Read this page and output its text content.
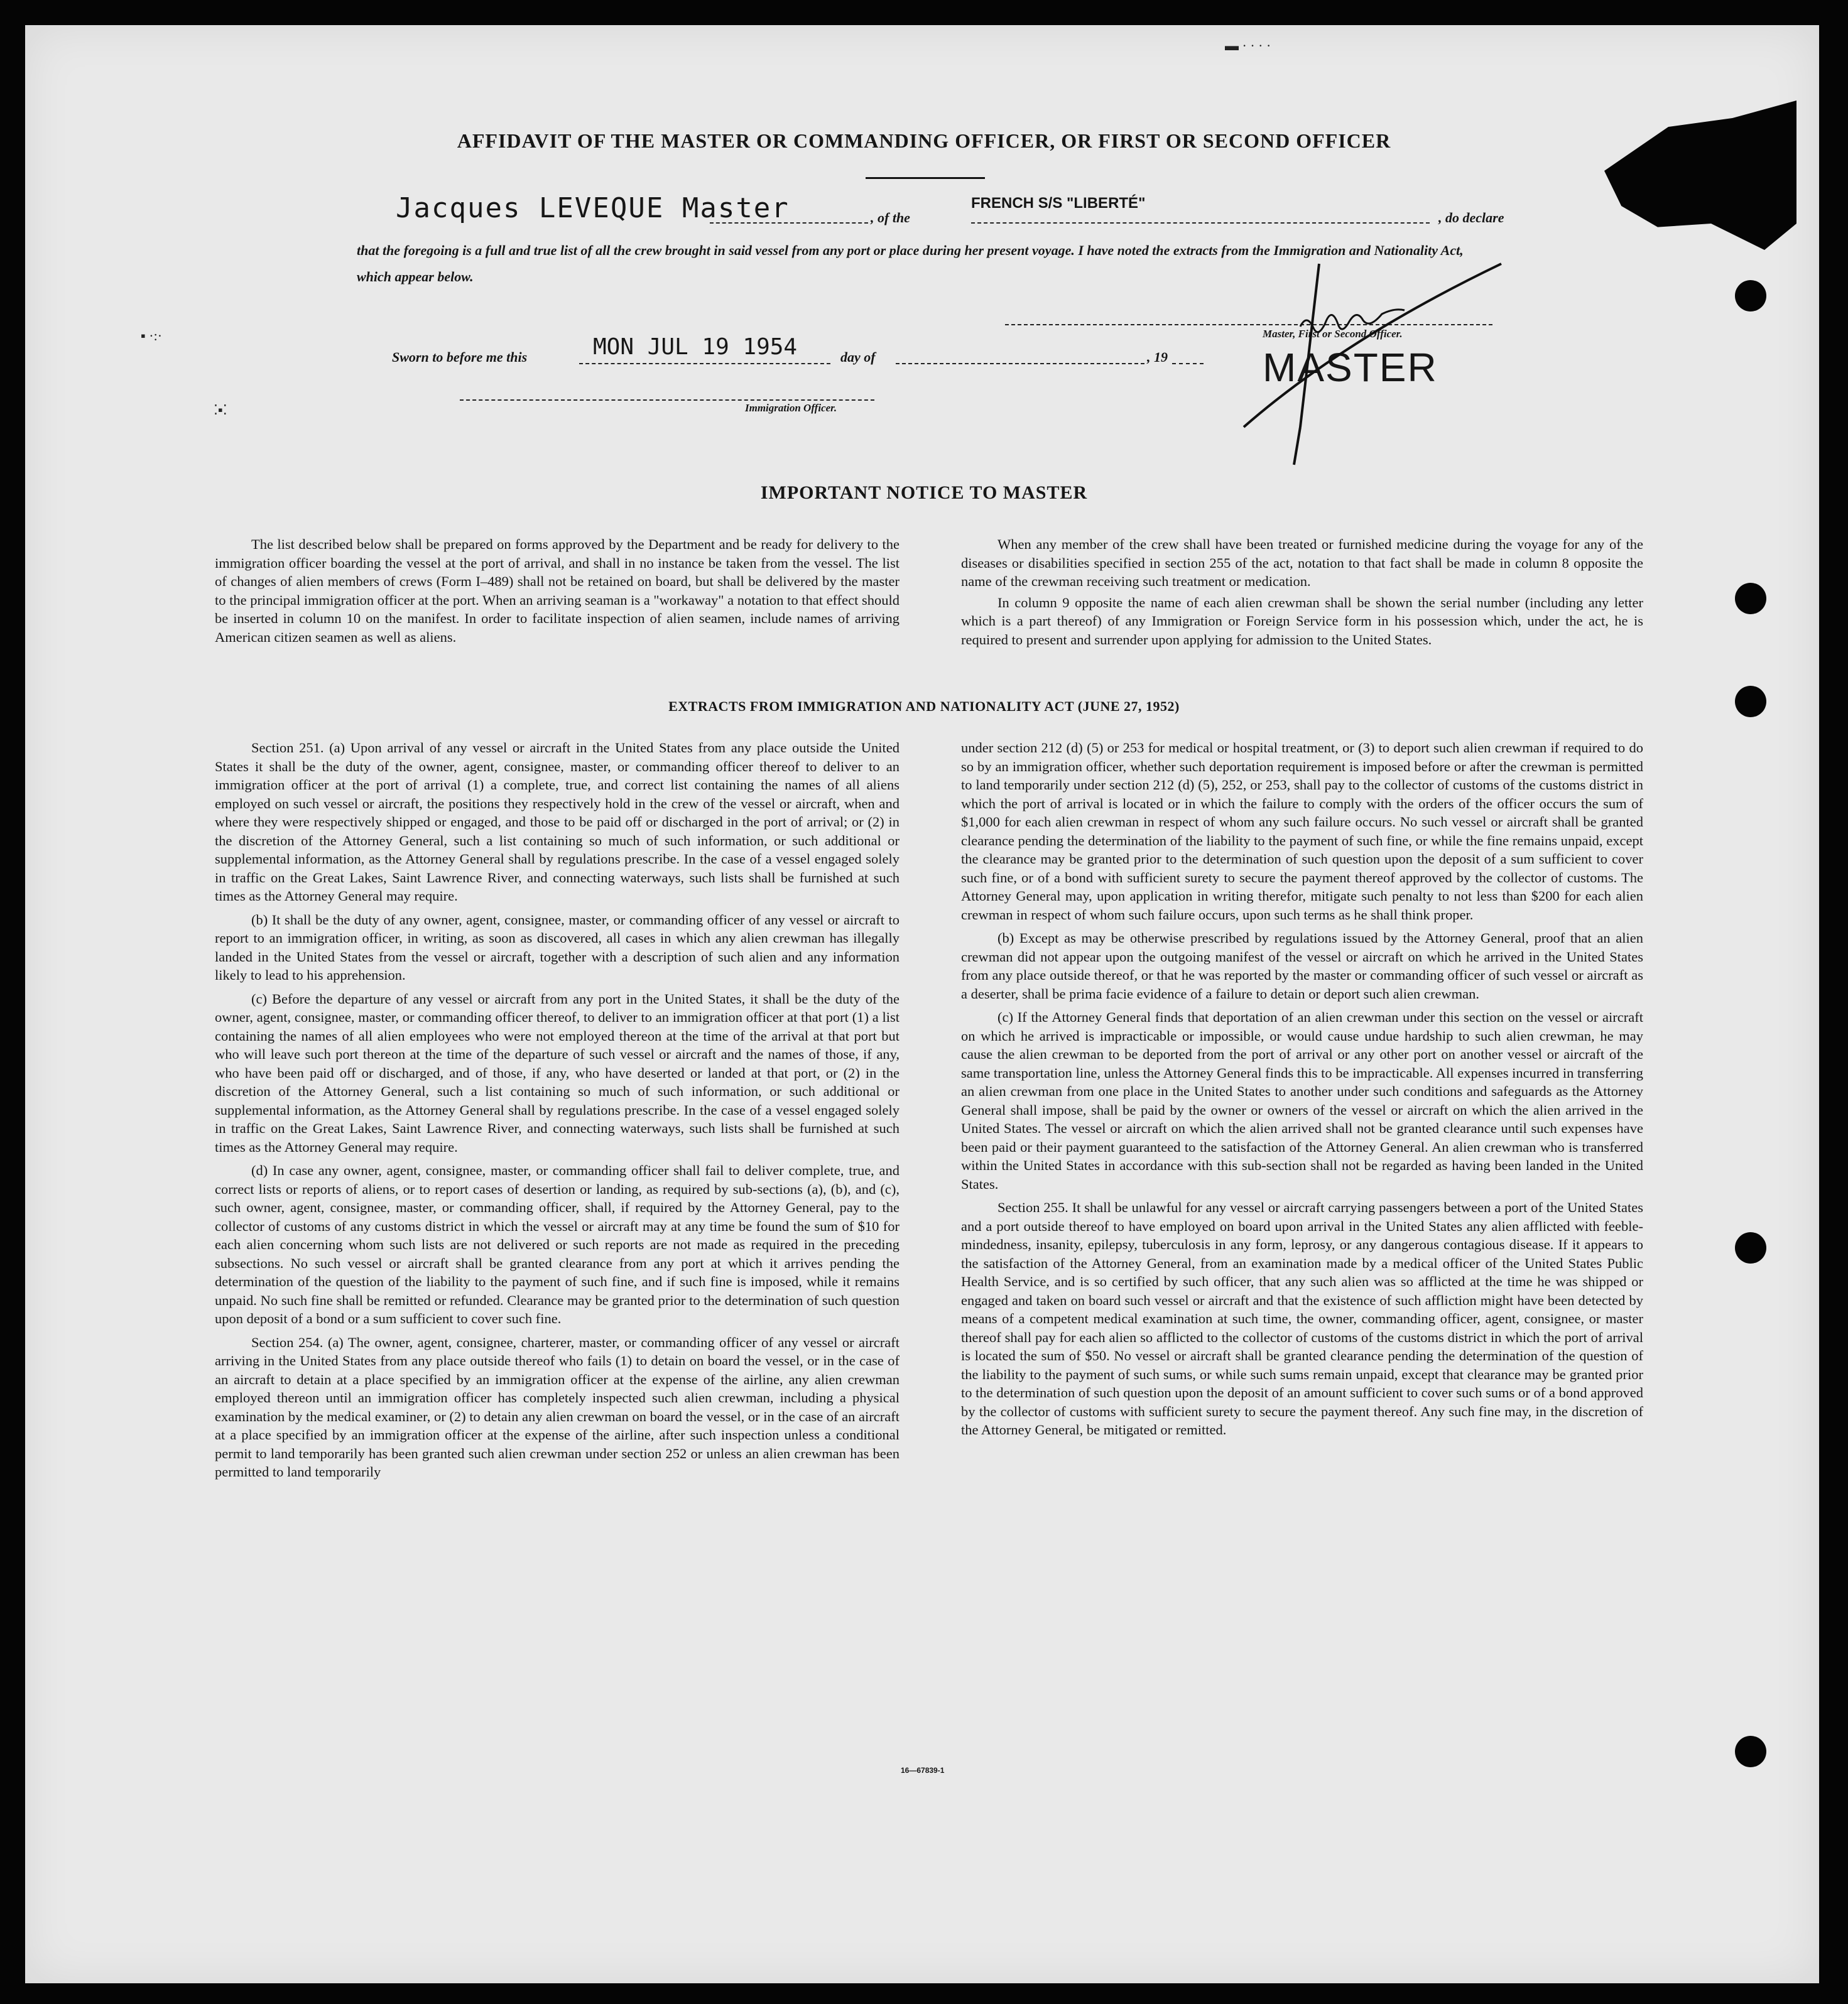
▪ ·:·
⁚▪⁚
▬ · · · ·
AFFIDAVIT OF THE MASTER OR COMMANDING OFFICER, OR FIRST OR SECOND OFFICER
Jacques LEVEQUE Master	, of the
FRENCH S/S "LIBERTÉ"
, do declare
that the foregoing is a full and true list of all the crew brought in said vessel from any port or place during her present voyage. I have noted the extracts from the Immigration and Nationality Act, which appear below.
Master, First or Second Officer.
Sworn to before me this	MON JUL 19 1954	day of	, 19 MASTER
Immigration Officer.
IMPORTANT NOTICE TO MASTER

The list described below shall be prepared on forms approved by the Department and be ready for delivery to the immigration officer boarding the vessel at the port of arrival, and shall in no instance be taken from the vessel. The list of changes of alien members of crews (Form I–489) shall not be retained on board, but shall be delivered by the master to the principal immigration officer at the port. When an arriving seaman is a "workaway" a notation to that effect should be inserted in column 10 on the manifest. In order to facilitate inspection of alien seamen, include names of arriving American citizen seamen as well as aliens.

When any member of the crew shall have been treated or furnished medicine during the voyage for any of the diseases or disabilities specified in section 255 of the act, notation to that fact shall be made in column 8 opposite the name of the crewman receiving such treatment or medication.

In column 9 opposite the name of each alien crewman shall be shown the serial number (including any letter which is a part thereof) of any Immigration or Foreign Service form in his possession which, under the act, he is required to present and surrender upon applying for admission to the United States.

EXTRACTS FROM IMMIGRATION AND NATIONALITY ACT (JUNE 27, 1952)

Section 251. (a) Upon arrival of any vessel or aircraft in the United States from any place outside the United States it shall be the duty of the owner, agent, consignee, master, or commanding officer thereof to deliver to an immigration officer at the port of arrival (1) a complete, true, and correct list containing the names of all aliens employed on such vessel or aircraft, the positions they respectively hold in the crew of the vessel or aircraft, when and where they were respectively shipped or engaged, and those to be paid off or discharged in the port of arrival; or (2) in the discretion of the Attorney General, such a list containing so much of such information, or such additional or supplemental information, as the Attorney General shall by regulations prescribe. In the case of a vessel engaged solely in traffic on the Great Lakes, Saint Lawrence River, and connecting waterways, such lists shall be furnished at such times as the Attorney General may require.

(b) It shall be the duty of any owner, agent, consignee, master, or commanding officer of any vessel or aircraft to report to an immigration officer, in writing, as soon as discovered, all cases in which any alien crewman has illegally landed in the United States from the vessel or aircraft, together with a description of such alien and any information likely to lead to his apprehension.

(c) Before the departure of any vessel or aircraft from any port in the United States, it shall be the duty of the owner, agent, consignee, master, or commanding officer thereof, to deliver to an immigration officer at that port (1) a list containing the names of all alien employees who were not employed thereon at the time of the arrival at that port but who will leave such port thereon at the time of the departure of such vessel or aircraft and the names of those, if any, who have been paid off or discharged, and of those, if any, who have deserted or landed at that port, or (2) in the discretion of the Attorney General, such a list containing so much of such information, or such additional or supplemental information, as the Attorney General shall by regulations prescribe. In the case of a vessel engaged solely in traffic on the Great Lakes, Saint Lawrence River, and connecting waterways, such lists shall be furnished at such times as the Attorney General may require.

(d) In case any owner, agent, consignee, master, or commanding officer shall fail to deliver complete, true, and correct lists or reports of aliens, or to report cases of desertion or landing, as required by sub-sections (a), (b), and (c), such owner, agent, consignee, master, or commanding officer, shall, if required by the Attorney General, pay to the collector of customs of any customs district in which the vessel or aircraft may at any time be found the sum of $10 for each alien concerning whom such lists are not delivered or such reports are not made as required in the preceding subsections. No such vessel or aircraft shall be granted clearance from any port at which it arrives pending the determination of the question of the liability to the payment of such fine, and if such fine is imposed, while it remains unpaid. No such fine shall be remitted or refunded. Clearance may be granted prior to the determination of such question upon deposit of a bond or a sum sufficient to cover such fine.

Section 254. (a) The owner, agent, consignee, charterer, master, or commanding officer of any vessel or aircraft arriving in the United States from any place outside thereof who fails (1) to detain on board the vessel, or in the case of an aircraft to detain at a place specified by an immigration officer at the expense of the airline, any alien crewman employed thereon until an immigration officer has completely inspected such alien crewman, including a physical examination by the medical examiner, or (2) to detain any alien crewman on board the vessel, or in the case of an aircraft at a place specified by an immigration officer at the expense of the airline, after such inspection unless a conditional permit to land temporarily has been granted such alien crewman under section 252 or unless an alien crewman has been permitted to land temporarily

under section 212 (d) (5) or 253 for medical or hospital treatment, or (3) to deport such alien crewman if required to do so by an immigration officer, whether such deportation requirement is imposed before or after the crewman is permitted to land temporarily under section 212 (d) (5), 252, or 253, shall pay to the collector of customs of the customs district in which the port of arrival is located or in which the failure to comply with the orders of the officer occurs the sum of $1,000 for each alien crewman in respect of whom any such failure occurs. No such vessel or aircraft shall be granted clearance pending the determination of the liability to the payment of such fine, or while the fine remains unpaid, except the clearance may be granted prior to the determination of such question upon the deposit of a sum sufficient to cover such fine, or of a bond with sufficient surety to secure the payment thereof approved by the collector of customs. The Attorney General may, upon application in writing therefor, mitigate such penalty to not less than $200 for each alien crewman in respect of whom such failure occurs, upon such terms as he shall think proper.

(b) Except as may be otherwise prescribed by regulations issued by the Attorney General, proof that an alien crewman did not appear upon the outgoing manifest of the vessel or aircraft on which he arrived in the United States from any place outside thereof, or that he was reported by the master or commanding officer of such vessel or aircraft as a deserter, shall be prima facie evidence of a failure to detain or deport such alien crewman.

(c) If the Attorney General finds that deportation of an alien crewman under this section on the vessel or aircraft on which he arrived is impracticable or impossible, or would cause undue hardship to such alien crewman, he may cause the alien crewman to be deported from the port of arrival or any other port on another vessel or aircraft of the same transportation line, unless the Attorney General finds this to be impracticable. All expenses incurred in transferring an alien crewman from one place in the United States to another under such conditions and safeguards as the Attorney General shall impose, shall be paid by the owner or owners of the vessel or aircraft on which the alien arrived in the United States. The vessel or aircraft on which the alien arrived shall not be granted clearance until such expenses have been paid or their payment guaranteed to the satisfaction of the Attorney General. An alien crewman who is transferred within the United States in accordance with this sub-section shall not be regarded as having been landed in the United States.

Section 255. It shall be unlawful for any vessel or aircraft carrying passengers between a port of the United States and a port outside thereof to have employed on board upon arrival in the United States any alien afflicted with feeble-mindedness, insanity, epilepsy, tuberculosis in any form, leprosy, or any dangerous contagious disease. If it appears to the satisfaction of the Attorney General, from an examination made by a medical officer of the United States Public Health Service, and is so certified by such officer, that any such alien was so afflicted at the time he was shipped or engaged and taken on board such vessel or aircraft and that the existence of such affliction might have been detected by means of a competent medical examination at such time, the owner, commanding officer, agent, consignee, or master thereof shall pay for each alien so afflicted to the collector of customs of the customs district in which the port of arrival is located the sum of $50. No vessel or aircraft shall be granted clearance pending the determination of the question of the liability to the payment of such sums, or while such sums remain unpaid, except that clearance may be granted prior to the determination of such question upon the deposit of an amount sufficient to cover such sums or of a bond approved by the collector of customs with sufficient surety to secure the payment thereof. Any such fine may, in the discretion of the Attorney General, be mitigated or remitted.

16—67839-1
